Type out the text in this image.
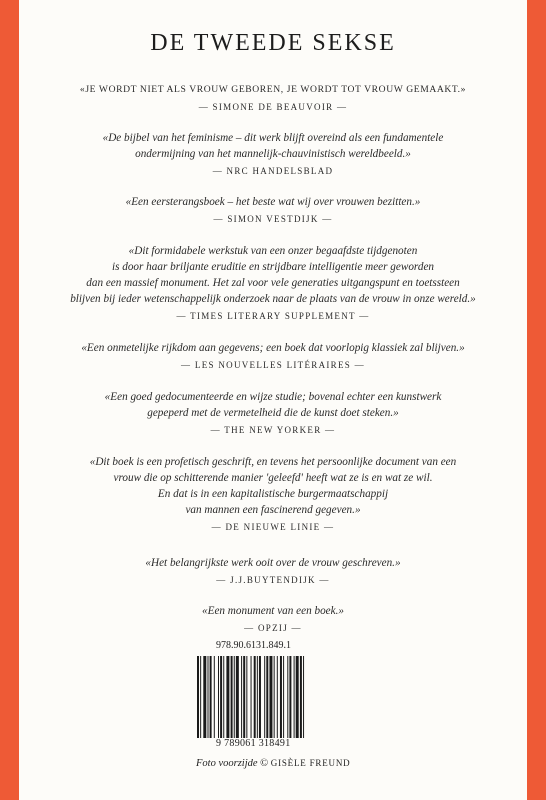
DE TWEEDE SEKSE
«JE WORDT NIET ALS VROUW GEBOREN, JE WORDT TOT VROUW GEMAAKT.»
— SIMONE DE BEAUVOIR —
«De bijbel van het feminisme – dit werk blijft overeind als een fundamentele
ondermijning van het mannelijk-chauvinistisch wereldbeeld.»
— NRC HANDELSBLAD
«Een eersterangsboek – het beste wat wij over vrouwen bezitten.»
— SIMON VESTDIJK —
«Dit formidabele werkstuk van een onzer begaafdste tijdgenoten
is door haar briljante eruditie en strijdbare intelligentie meer geworden
dan een massief monument. Het zal voor vele generaties uitgangspunt en toetssteen
blijven bij ieder wetenschappelijk onderzoek naar de plaats van de vrouw in onze wereld.»
— TIMES LITERARY SUPPLEMENT —
«Een onmetelijke rijkdom aan gegevens; een boek dat voorlopig klassiek zal blijven.»
— LES NOUVELLES LITÉRAIRES —
«Een goed gedocumenteerde en wijze studie; bovenal echter een kunstwerk
gepeperd met de vermetelheid die de kunst doet steken.»
— THE NEW YORKER —
«Dit boek is een profetisch geschrift, en tevens het persoonlijke document van een
vrouw die op schitterende manier 'geleefd' heeft wat ze is en wat ze wil.
En dat is in een kapitalistische burgermaatschappij
van mannen een fascinerend gegeven.»
— DE NIEUWE LINIE —
«Het belangrijkste werk ooit over de vrouw geschreven.»
— J.J.BUYTENDIJK —
«Een monument van een boek.»
— OPZIJ —
978.90.6131.849.1
9 789061 318491
Foto voorzijde © GISÈLE FREUND
